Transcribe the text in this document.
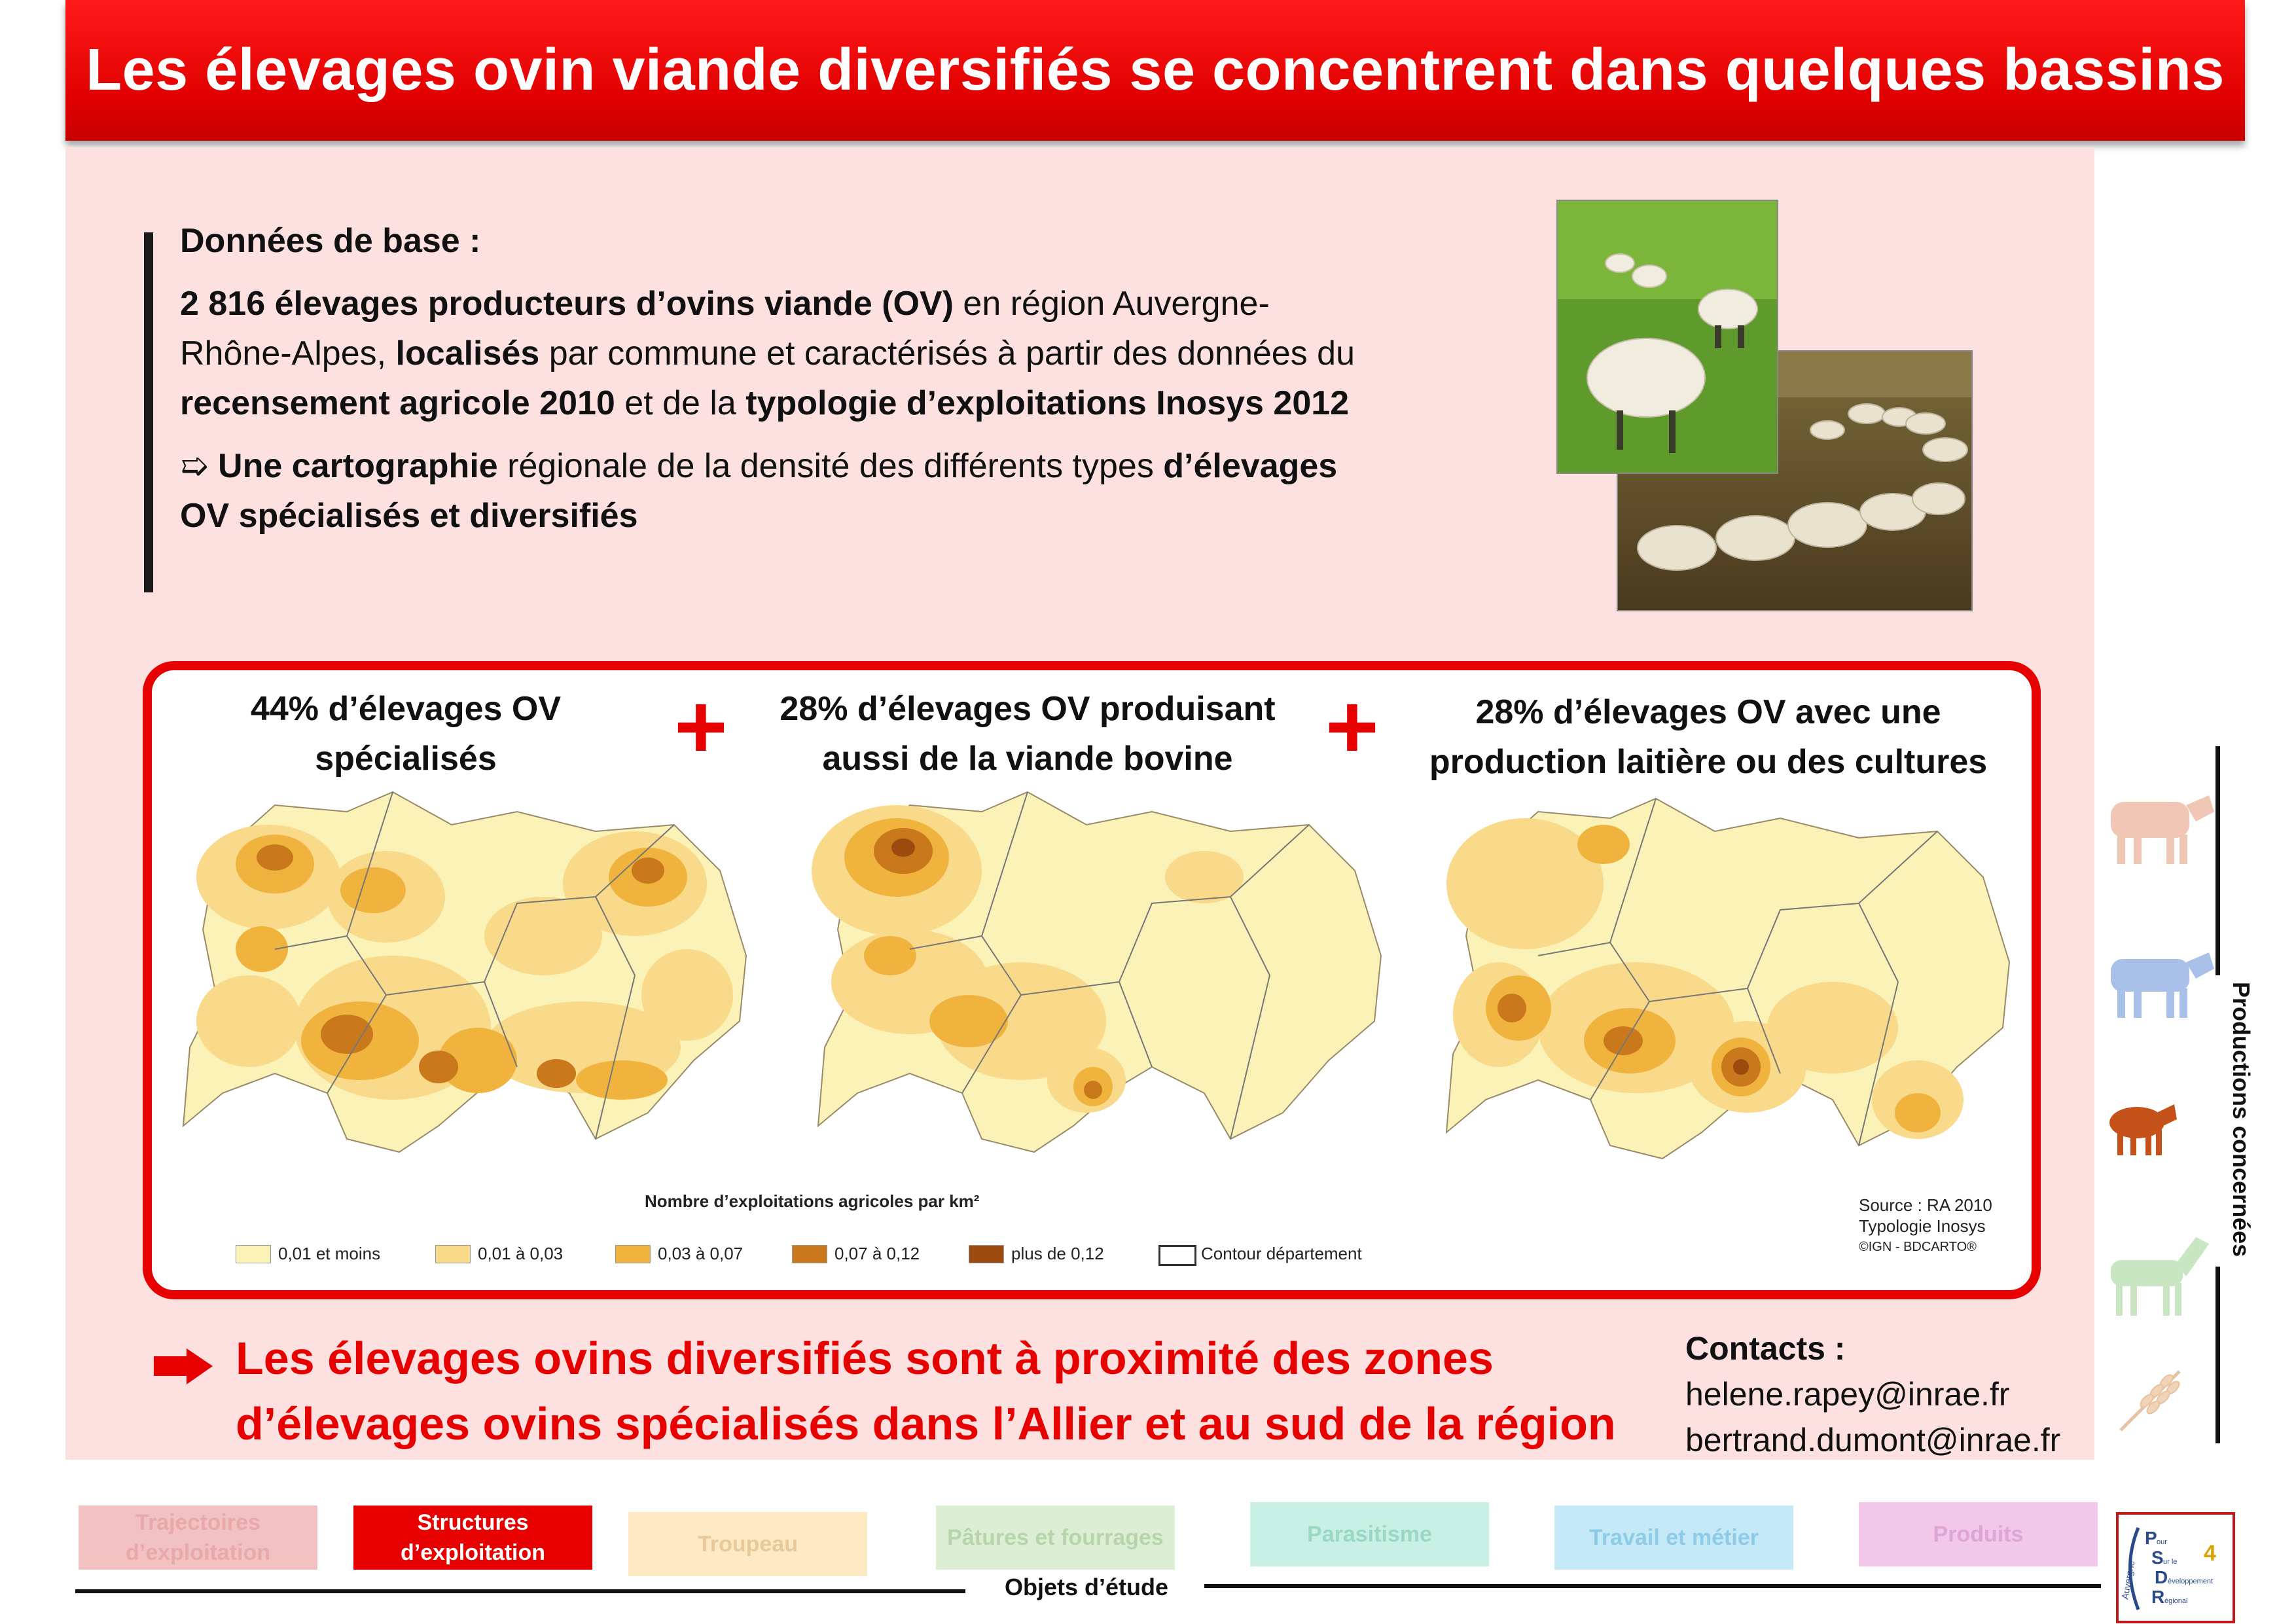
Les élevages ovin viande diversifiés se concentrent dans quelques bassins

Données de base :

2 816 élevages producteurs d’ovins viande (OV) en région Auvergne-Rhône-Alpes, localisés par commune et caractérisés à partir des données du recensement agricole 2010 et de la typologie d’exploitations Inosys 2012

➯ Une cartographie régionale de la densité des différents types d’élevages OV spécialisés et diversifiés

44% d’élevages OV spécialisés	+	28% d’élevages OV produisant aussi de la viande bovine	+	28% d’élevages OV avec une production laitière ou des cultures
Nombre d’exploitations agricoles par km²
0,01 et moins	0,01 à 0,03	0,03 à 0,07	0,07 à 0,12	plus de 0,12	Contour département
Source : RA 2010
Typologie Inosys
©IGN - BDCARTO®
Les élevages ovins diversifiés sont à proximité des zones
d’élevages ovins spécialisés dans l’Allier et au sud de la région
Contacts :
helene.rapey@inrae.fr
bertrand.dumont@inrae.fr
Productions concernées
Trajectoires d’exploitation
Structures d’exploitation	Troupeau	Pâtures et fourrages	Parasitisme	Travail et métier	Produits
Objets d’étude	Auvergne
P our
S ur le
D éveloppement
R égional
4
